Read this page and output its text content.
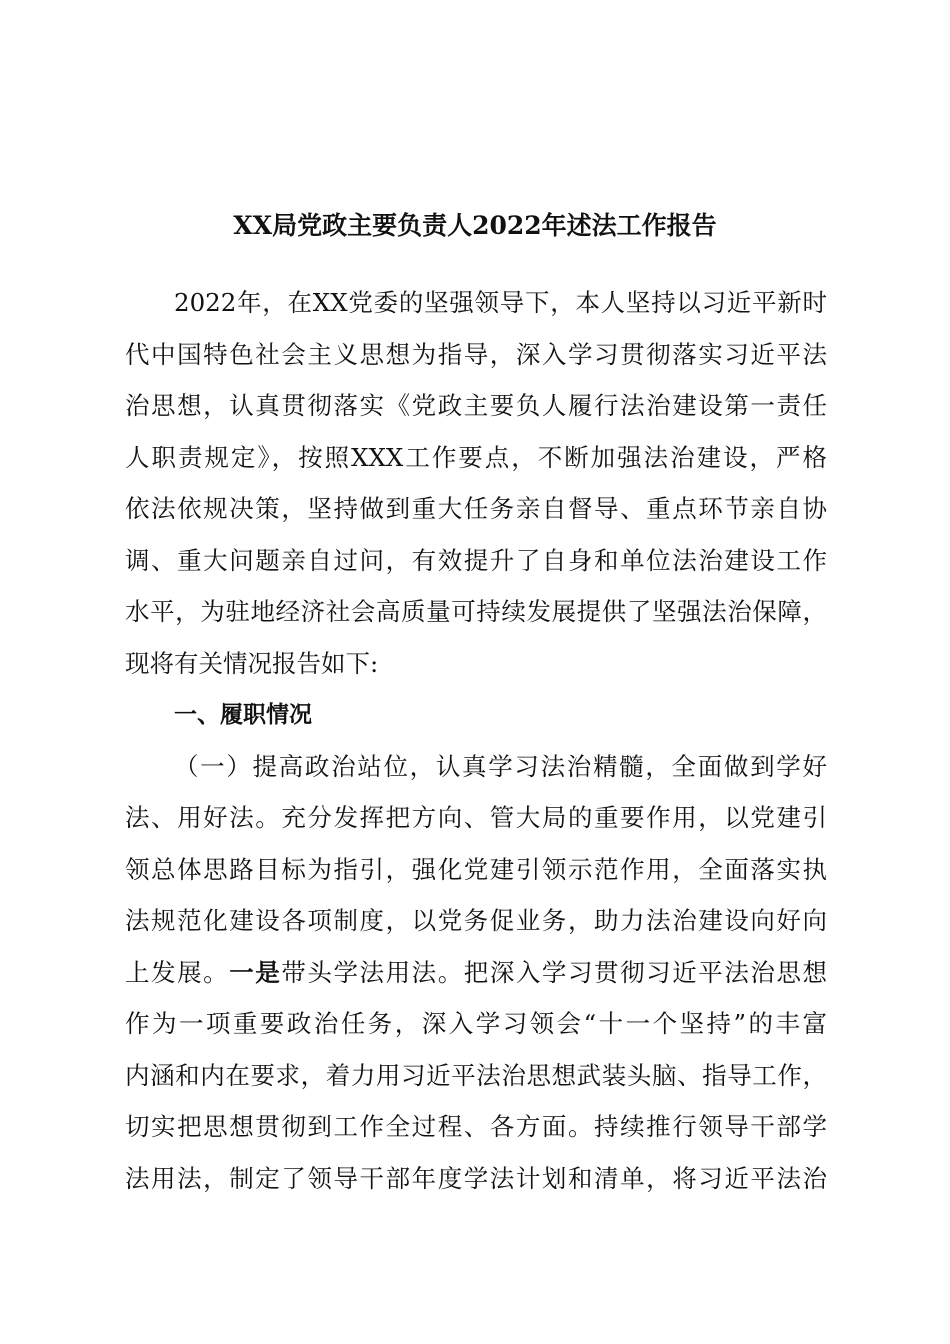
XX局党政主要负责人2022年述法工作报告
2022年，在XX党委的坚强领导下，本人坚持以习近平新时
代中国特色社会主义思想为指导，深入学习贯彻落实习近平法
治思想，认真贯彻落实《党政主要负人履行法治建设第一责任
人职责规定》，按照XXX工作要点，不断加强法治建设，严格
依法依规决策，坚持做到重大任务亲自督导、重点环节亲自协
调、重大问题亲自过问，有效提升了自身和单位法治建设工作
水平，为驻地经济社会高质量可持续发展提供了坚强法治保障，
现将有关情况报告如下:
一、履职情况
（一）提高政治站位，认真学习法治精髓，全面做到学好
法、用好法。充分发挥把方向、管大局的重要作用，以党建引
领总体思路目标为指引，强化党建引领示范作用，全面落实执
法规范化建设各项制度，以党务促业务，助力法治建设向好向
上发展。一是带头学法用法。把深入学习贯彻习近平法治思想
作为一项重要政治任务，深入学习领会“十一个坚持”的丰富
内涵和内在要求，着力用习近平法治思想武装头脑、指导工作，
切实把思想贯彻到工作全过程、各方面。持续推行领导干部学
法用法，制定了领导干部年度学法计划和清单，将习近平法治
